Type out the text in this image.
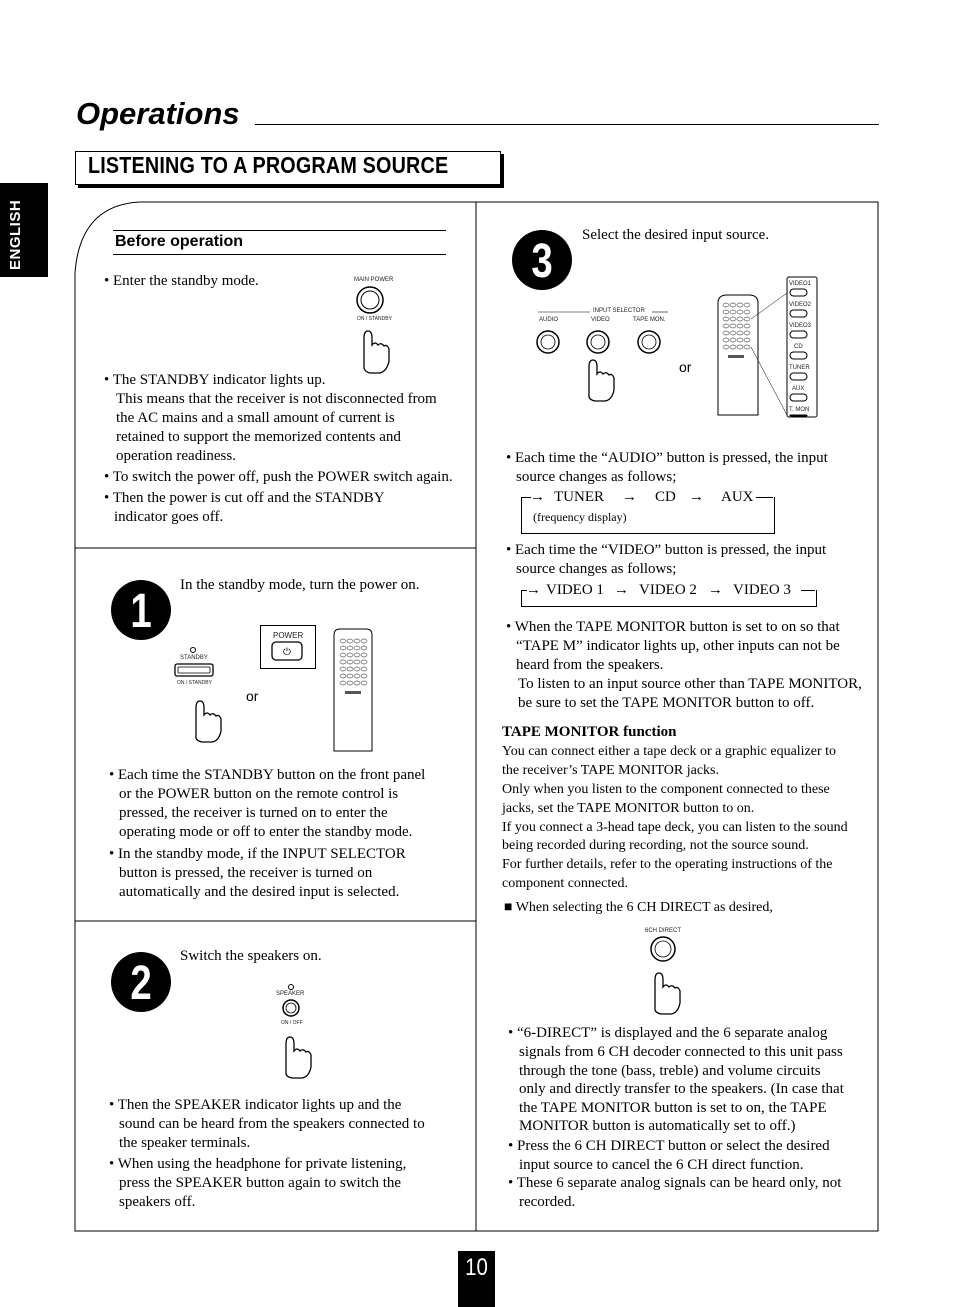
Operations
LISTENING TO A PROGRAM SOURCE
ENGLISH	Before operation
• Enter the standby mode.	MAIN POWER
ON / STANDBY
• The STANDBY indicator lights up.
This means that the receiver is not disconnected from
the AC mains and a small amount of current is
retained to support the memorized contents and
operation readiness.
• To switch the power off, push the POWER switch again.
• Then the power is cut off and the STANDBY
indicator goes off.
1	In the standby mode, turn the power on.
STANDBY
ON / STANDBY
or
POWER
⏻
• Each time the STANDBY button on the front panel
or the POWER button on the remote control is
pressed, the receiver is turned on to enter the
operating mode or off to enter the standby mode.
• In the standby mode, if the INPUT SELECTOR
button is pressed, the receiver is turned on
automatically and the desired input is selected.
2
Switch the speakers on.
SPEAKER
ON / OFF
• Then the SPEAKER indicator lights up and the
sound can be heard from the speakers connected to
the speaker terminals.
• When using the headphone for private listening,
press the SPEAKER button again to switch the
speakers off.
3	Select the desired input source.
INPUT SELECTOR
AUDIO	VIDEO	TAPE MON.
or
VIDEO1
VIDEO2
VIDEO3
CD
TUNER
AUX
T. MON
• Each time the “AUDIO” button is pressed, the input
source changes as follows;
→ TUNER → CD → AUX
(frequency display)
• Each time the “VIDEO” button is pressed, the input
source changes as follows;
→ VIDEO 1 → VIDEO 2 → VIDEO 3
• When the TAPE MONITOR button is set to on so that
“TAPE M” indicator lights up, other inputs can not be
heard from the speakers.
To listen to an input source other than TAPE MONITOR,
be sure to set the TAPE MONITOR button to off.
TAPE MONITOR function
You can connect either a tape deck or a graphic equalizer to
the receiver’s TAPE MONITOR jacks.
Only when you listen to the component connected to these
jacks, set the TAPE MONITOR button to on.
If you connect a 3-head tape deck, you can listen to the sound
being recorded during recording, not the source sound.
For further details, refer to the operating instructions of the
component connected.
■ When selecting the 6 CH DIRECT as desired,
6CH DIRECT
• “6-DIRECT” is displayed and the 6 separate analog
signals from 6 CH decoder connected to this unit pass
through the tone (bass, treble) and volume circuits
only and directly transfer to the speakers. (In case that
the TAPE MONITOR button is set to on, the TAPE
MONITOR button is automatically set to off.)
• Press the 6 CH DIRECT button or select the desired
input source to cancel the 6 CH direct function.
• These 6 separate analog signals can be heard only, not
recorded.
10
